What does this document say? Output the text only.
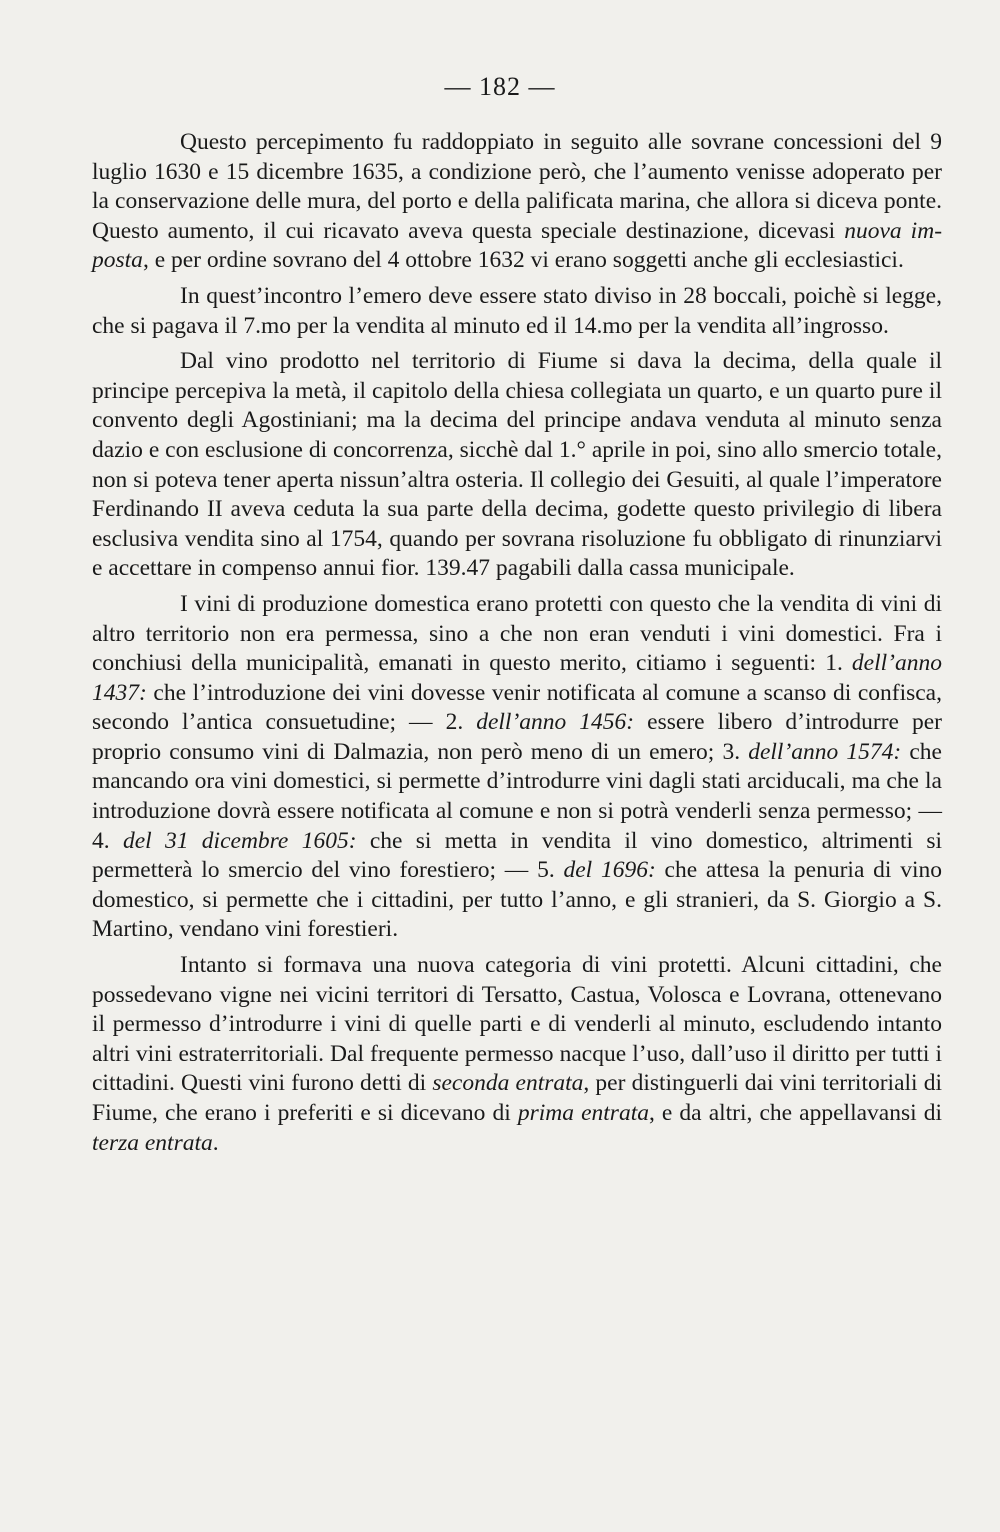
— 182 —

Questo percepimento fu raddoppiato in seguito alle sovrane concessioni del 9 luglio 1630 e 15 dicembre 1635, a condizione però, che l’aumento venisse adoperato per la conservazione delle mura, del porto e della palificata marina, che allora si diceva ponte. Questo aumento, il cui ricavato aveva questa speciale destinazione, dicevasi nuova imposta, e per ordine sovrano del 4 ottobre 1632 vi erano soggetti anche gli ecclesiastici.

In quest’incontro l’emero deve essere stato diviso in 28 boccali, poichè si legge, che si pagava il 7.mo per la vendita al minuto ed il 14.mo per la vendita all’ingrosso.

Dal vino prodotto nel territorio di Fiume si dava la decima, della quale il principe percepiva la metà, il capitolo della chiesa collegiata un quarto, e un quarto pure il convento degli Agostiniani; ma la decima del principe andava venduta al minuto senza dazio e con esclusione di concorrenza, sicchè dal 1.° aprile in poi, sino allo smercio totale, non si poteva tener aperta nissun’altra osteria. Il collegio dei Gesuiti, al quale l’imperatore Ferdinando II aveva ceduta la sua parte della decima, godette questo privilegio di libera esclusiva vendita sino al 1754, quando per sovrana risoluzione fu obbligato di rinunziarvi e accettare in compenso annui fior. 139.47 pagabili dalla cassa municipale.

I vini di produzione domestica erano protetti con questo che la vendita di vini di altro territorio non era permessa, sino a che non eran venduti i vini domestici. Fra i conchiusi della municipalità, emanati in questo merito, citiamo i seguenti: 1. dell’anno 1437: che l’introduzione dei vini dovesse venir notificata al comune a scanso di confisca, secondo l’antica consuetudine; — 2. dell’anno 1456: essere libero d’introdurre per proprio consumo vini di Dalmazia, non però meno di un emero; 3. dell’anno 1574: che mancando ora vini domestici, si permette d’introdurre vini dagli stati arciducali, ma che la introduzione dovrà essere notificata al comune e non si potrà venderli senza permesso; — 4. del 31 dicembre 1605: che si metta in vendita il vino domestico, altrimenti si permetterà lo smercio del vino forestiero; — 5. del 1696: che attesa la penuria di vino domestico, si permette che i cittadini, per tutto l’anno, e gli stranieri, da S. Giorgio a S. Martino, vendano vini forestieri.

Intanto si formava una nuova categoria di vini protetti. Alcuni cittadini, che possedevano vigne nei vicini territori di Tersatto, Castua, Volosca e Lovrana, ottenevano il permesso d’introdurre i vini di quelle parti e di venderli al minuto, escludendo intanto altri vini estraterritoriali. Dal frequente permesso nacque l’uso, dall’uso il diritto per tutti i cittadini. Questi vini furono detti di seconda entrata, per distinguerli dai vini territoriali di Fiume, che erano i preferiti e si dicevano di prima entrata, e da altri, che appellavansi di terza entrata.
